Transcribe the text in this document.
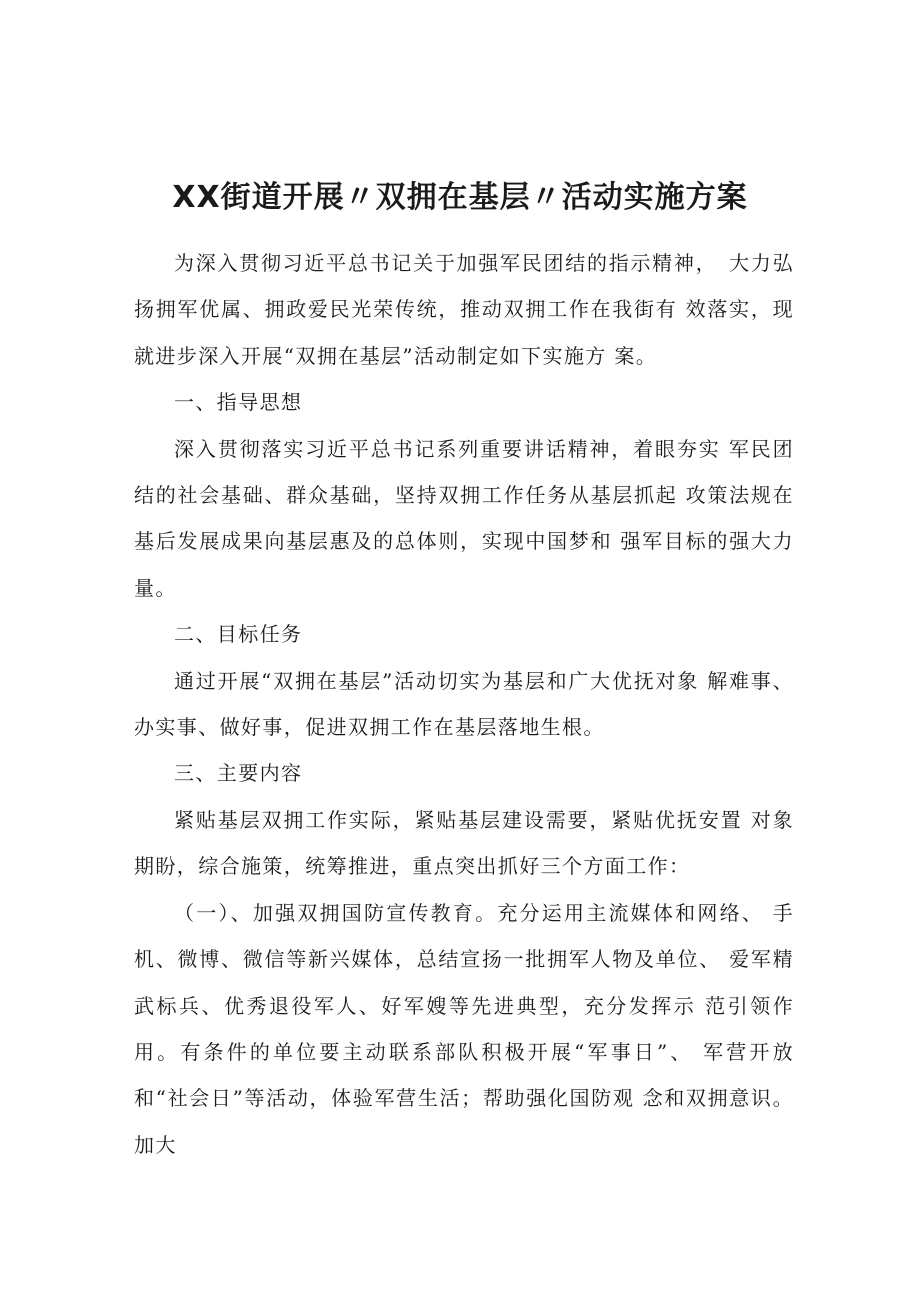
XX街道开展〃双拥在基层〃活动实施方案

为深入贯彻习近平总书记关于加强军民团结的指示精神，　大力弘扬拥军优属、拥政爱民光荣传统，推动双拥工作在我街有 效落实，现就进步深入开展“双拥在基层”活动制定如下实施方 案。

一、指导思想

深入贯彻落实习近平总书记系列重要讲话精神，着眼夯实 军民团结的社会基础、群众基础，坚持双拥工作任务从基层抓起 攻策法规在基后发展成果向基层惠及的总体则，实现中国梦和 强军目标的强大力量。

二、目标任务

通过开展“双拥在基层”活动切实为基层和广大优抚对象 解难事、办实事、做好事，促进双拥工作在基层落地生根。

三、主要内容

紧贴基层双拥工作实际，紧贴基层建设需要，紧贴优抚安置 对象期盼，综合施策，统筹推进，重点突出抓好三个方面工作：

（一）、加强双拥国防宣传教育。充分运用主流媒体和网络、 手机、微博、微信等新兴媒体，总结宣扬一批拥军人物及单位、 爱军精武标兵、优秀退役军人、好军嫂等先进典型，充分发挥示 范引领作用。有条件的单位要主动联系部队积极开展“军事日”、 军营开放和“社会日”等活动，体验军营生活；帮助强化国防观 念和双拥意识。加大
